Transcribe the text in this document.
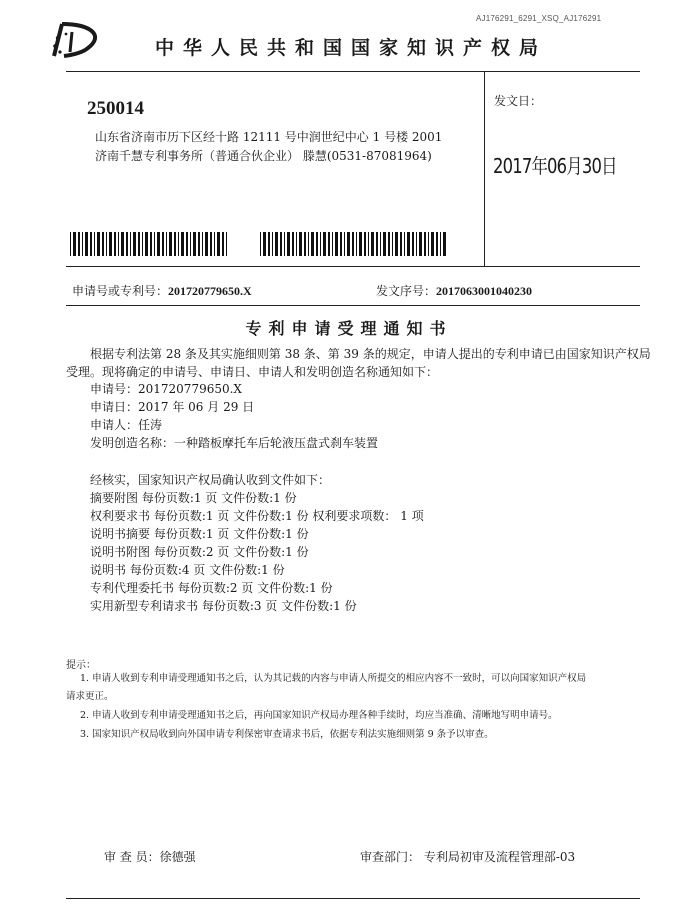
AJ176291_6291_XSQ_AJ176291
中华人民共和国国家知识产权局
250014
山东省济南市历下区经十路 12111 号中润世纪中心 1 号楼 2001
济南千慧专利事务所（普通合伙企业） 滕慧(0531-87081964)
发文日：
2017年06月30日
申请号或专利号：201720779650.X	发文序号：2017063001040230
专利申请受理通知书
根据专利法第 28 条及其实施细则第 38 条、第 39 条的规定，申请人提出的专利申请已由国家知识产权局受理。现将确定的申请号、申请日、申请人和发明创造名称通知如下：
申请号：201720779650.X
申请日：2017 年 06 月 29 日
申请人：任涛
发明创造名称：一种踏板摩托车后轮液压盘式刹车装置
经核实，国家知识产权局确认收到文件如下：
摘要附图 每份页数:1 页 文件份数:1 份
权利要求书 每份页数:1 页 文件份数:1 份 权利要求项数： 1 项
说明书摘要 每份页数:1 页 文件份数:1 份
说明书附图 每份页数:2 页 文件份数:1 份
说明书 每份页数:4 页 文件份数:1 份
专利代理委托书 每份页数:2 页 文件份数:1 份
实用新型专利请求书 每份页数:3 页 文件份数:1 份
提示：
1. 申请人收到专利申请受理通知书之后，认为其记载的内容与申请人所提交的相应内容不一致时，可以向国家知识产权局
请求更正。
2. 申请人收到专利申请受理通知书之后，再向国家知识产权局办理各种手续时，均应当准确、清晰地写明申请号。
3. 国家知识产权局收到向外国申请专利保密审查请求书后，依据专利法实施细则第 9 条予以审查。
审 查 员：徐德强	审查部门： 专利局初审及流程管理部-03
